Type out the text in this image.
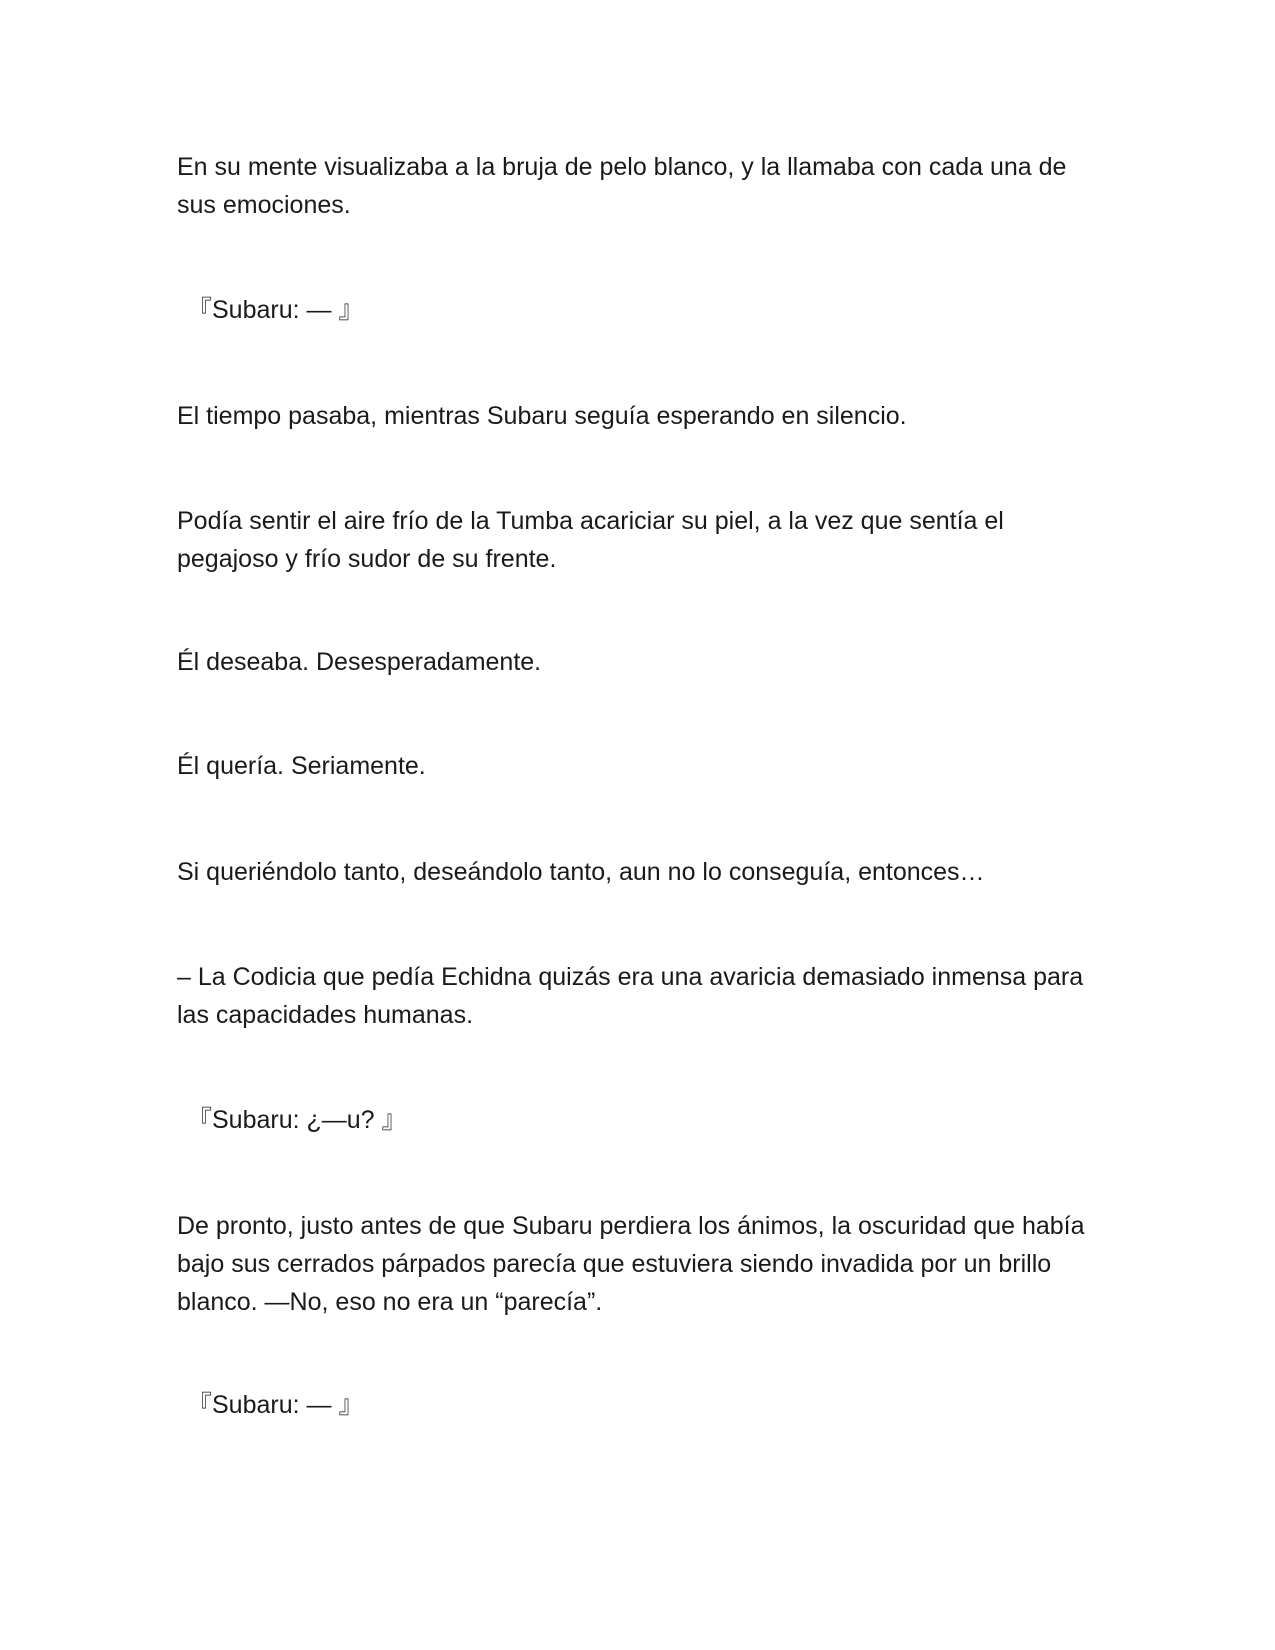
En su mente visualizaba a la bruja de pelo blanco, y la llamaba con cada una de sus emociones.

『Subaru: — 』

El tiempo pasaba, mientras Subaru seguía esperando en silencio.

Podía sentir el aire frío de la Tumba acariciar su piel, a la vez que sentía el pegajoso y frío sudor de su frente.

Él deseaba. Desesperadamente.

Él quería. Seriamente.

Si queriéndolo tanto, deseándolo tanto, aun no lo conseguía, entonces…

– La Codicia que pedía Echidna quizás era una avaricia demasiado inmensa para las capacidades humanas.

『Subaru: ¿—u? 』

De pronto, justo antes de que Subaru perdiera los ánimos, la oscuridad que había bajo sus cerrados párpados parecía que estuviera siendo invadida por un brillo blanco. —No, eso no era un “parecía”.

『Subaru: — 』
